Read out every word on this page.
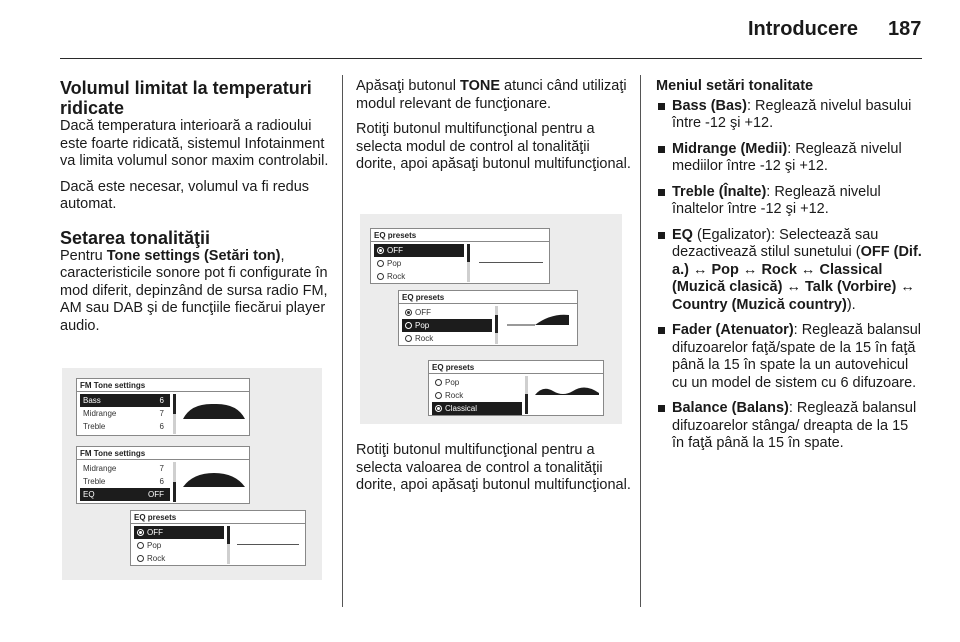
Introducere 187
Volumul limitat la temperaturi ridicate

Dacă temperatura interioară a radioului este foarte ridicată, sistemul Infotainment va limita volumul sonor maxim controlabil.

Dacă este necesar, volumul va fi redus automat.

Setarea tonalităţii

Pentru Tone settings (Setări ton), caracteristicile sonore pot fi configurate în mod diferit, depinzând de sursa radio FM, AM sau DAB şi de funcţiile fiecărui player audio.

FM Tone settings
Bass	6
Midrange	7
Treble	6
FM Tone settings
Midrange	7
Treble	6
EQ	OFF
EQ presets
OFF
Pop
Rock

Apăsaţi butonul TONE atunci când utilizaţi modul relevant de funcţionare.

Rotiţi butonul multifuncţional pentru a selecta modul de control al tonalităţii dorite, apoi apăsaţi butonul multifuncţional.

EQ presets
OFF
Pop
Rock
EQ presets
OFF
Pop
Rock
EQ presets
Pop
Rock
Classical

Rotiţi butonul multifuncţional pentru a selecta valoarea de control a tonalităţii dorite, apoi apăsaţi butonul multifuncţional.

Meniul setări tonalitate
Bass (Bas): Reglează nivelul basului între -12 şi +12.
Midrange (Medii): Reglează nivelul mediilor între -12 şi +12.
Treble (Înalte): Reglează nivelul înaltelor între -12 şi +12.
EQ (Egalizator): Selectează sau dezactivează stilul sunetului (OFF (Dif. a.) ↔ Pop ↔ Rock ↔ Classical (Muzică clasică) ↔ Talk (Vorbire) ↔ Country (Muzică country)).
Fader (Atenuator): Reglează balansul difuzoarelor faţă/spate de la 15 în faţă până la 15 în spate la un autovehicul cu un model de sistem cu 6 difuzoare.
Balance (Balans): Reglează balansul difuzoarelor stânga/ dreapta de la 15 în faţă până la 15 în spate.
